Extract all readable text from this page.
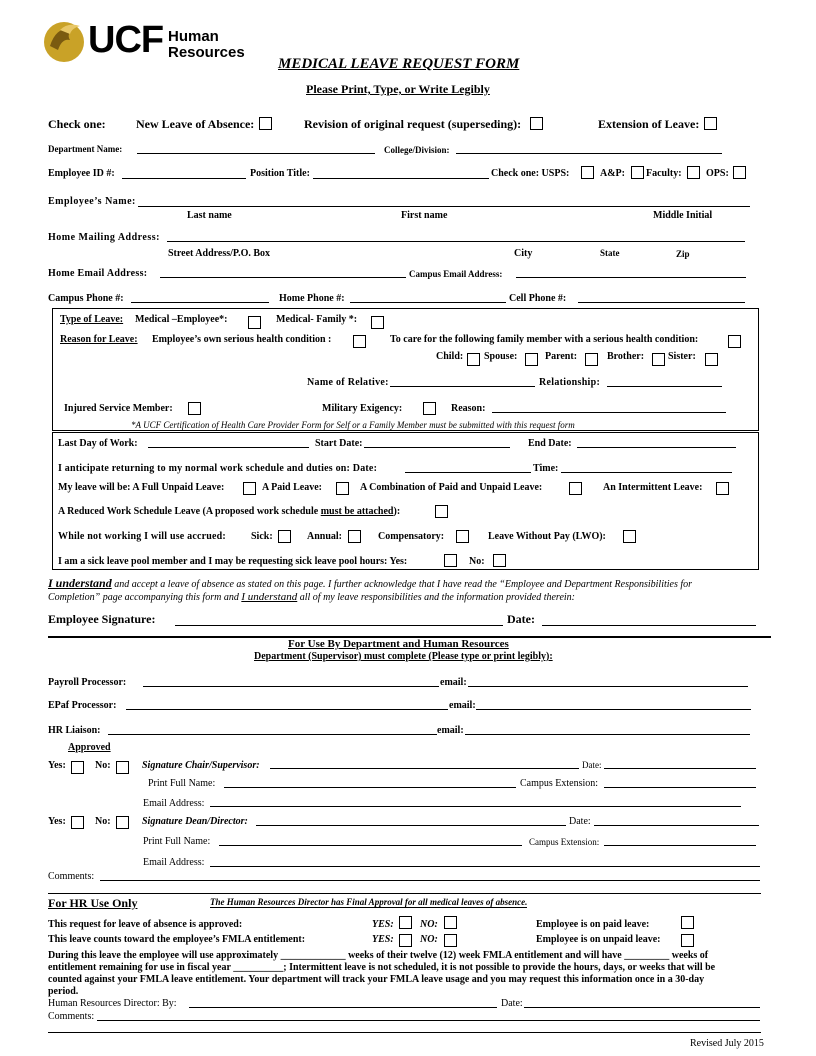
UCF Human
Resources
MEDICAL LEAVE REQUEST FORM
Please Print, Type, or Write Legibly
Check one:	New Leave of Absence:	Revision of original request (superseding):	Extension of Leave:
Department Name:	College/Division:
Employee ID #:	Position Title:	Check one: USPS:	A&P: Faculty: OPS:
Employee’s Name:
Last name	First name	Middle Initial
Home Mailing Address:
Street Address/P.O. Box	City	State	Zip
Home Email Address:	Campus Email Address:
Campus Phone #:	Home Phone #:	Cell Phone #:
Type of Leave: Medical –Employee*:	Medical- Family *:
Reason for Leave: Employee’s own serious health condition :	To care for the following family member with a serious health condition:
Child: Spouse:	Parent:	Brother: Sister:
Name of Relative:	Relationship:
Injured Service Member:	Military Exigency:	Reason:
*A UCF Certification of Health Care Provider Form for Self or a Family Member must be submitted with this request form
Last Day of Work:	Start Date:	End Date:
I anticipate returning to my normal work schedule and duties on: Date:	Time:
My leave will be: A Full Unpaid Leave:	A Paid Leave:	A Combination of Paid and Unpaid Leave:	An Intermittent Leave:
A Reduced Work Schedule Leave (A proposed work schedule must be attached):
While not working I will use accrued:	Sick:	Annual:	Compensatory:	Leave Without Pay (LWO):
I am a sick leave pool member and I may be requesting sick leave pool hours: Yes:	No:
I understand and accept a leave of absence as stated on this page. I further acknowledge that I have read the “Employee and Department Responsibilities for
Completion” page accompanying this form and I understand all of my leave responsibilities and the information provided therein:
Employee Signature:	Date:
For Use By Department and Human Resources
Department (Supervisor) must complete (Please type or print legibly):
Payroll Processor:	email:
EPaf Processor:	email:
HR Liaison:	email:
Approved
Yes:	No:	Signature Chair/Supervisor:	Date:
Print Full Name:	Campus Extension:
Email Address:
Yes:	No:	Signature Dean/Director:	Date:
Print Full Name:	Campus Extension:
Email Address:
Comments:
For HR Use Only	The Human Resources Director has Final Approval for all medical leaves of absence.
This request for leave of absence is approved:	YES:	NO:	Employee is on paid leave:
This leave counts toward the employee’s FMLA entitlement:	YES:	NO:	Employee is on unpaid leave:
During this leave the employee will use approximately _____________ weeks of their twelve (12) week FMLA entitlement and will have _________ weeks of
entitlement remaining for use in fiscal year __________; Intermittent leave is not scheduled, it is not possible to provide the hours, days, or weeks that will be
counted against your FMLA leave entitlement. Your department will track your FMLA leave usage and you may request this information once in a 30-day
period.
Human Resources Director: By:	Date:
Comments:
Revised July 2015
